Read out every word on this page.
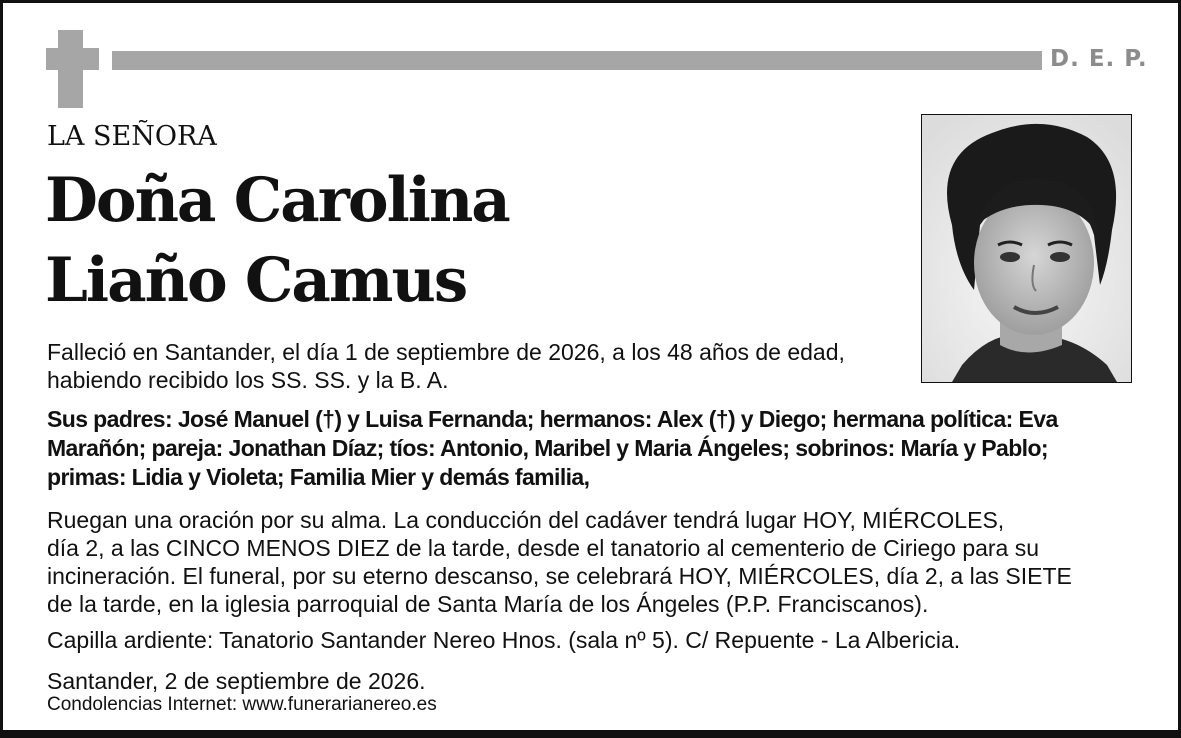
D. E. P.
LA SEÑORA
Doña Carolina
Liaño Camus
Falleció en Santander, el día 1 de septiembre de 2026, a los 48 años de edad,
habiendo recibido los SS. SS. y la B. A.
Sus padres: José Manuel (†) y Luisa Fernanda; hermanos: Alex (†) y Diego; hermana política: Eva
Marañón; pareja: Jonathan Díaz; tíos: Antonio, Maribel y Maria Ángeles; sobrinos: María y Pablo;
primas: Lidia y Violeta; Familia Mier y demás familia,
Ruegan una oración por su alma. La conducción del cadáver tendrá lugar HOY, MIÉRCOLES,
día 2, a las CINCO MENOS DIEZ de la tarde, desde el tanatorio al cementerio de Ciriego para su
incineración. El funeral, por su eterno descanso, se celebrará HOY, MIÉRCOLES, día 2, a las SIETE
de la tarde, en la iglesia parroquial de Santa María de los Ángeles (P.P. Franciscanos).
Capilla ardiente: Tanatorio Santander Nereo Hnos. (sala nº 5). C/ Repuente - La Albericia.
Santander, 2 de septiembre de 2026.
Condolencias Internet: www.funerarianereo.es
